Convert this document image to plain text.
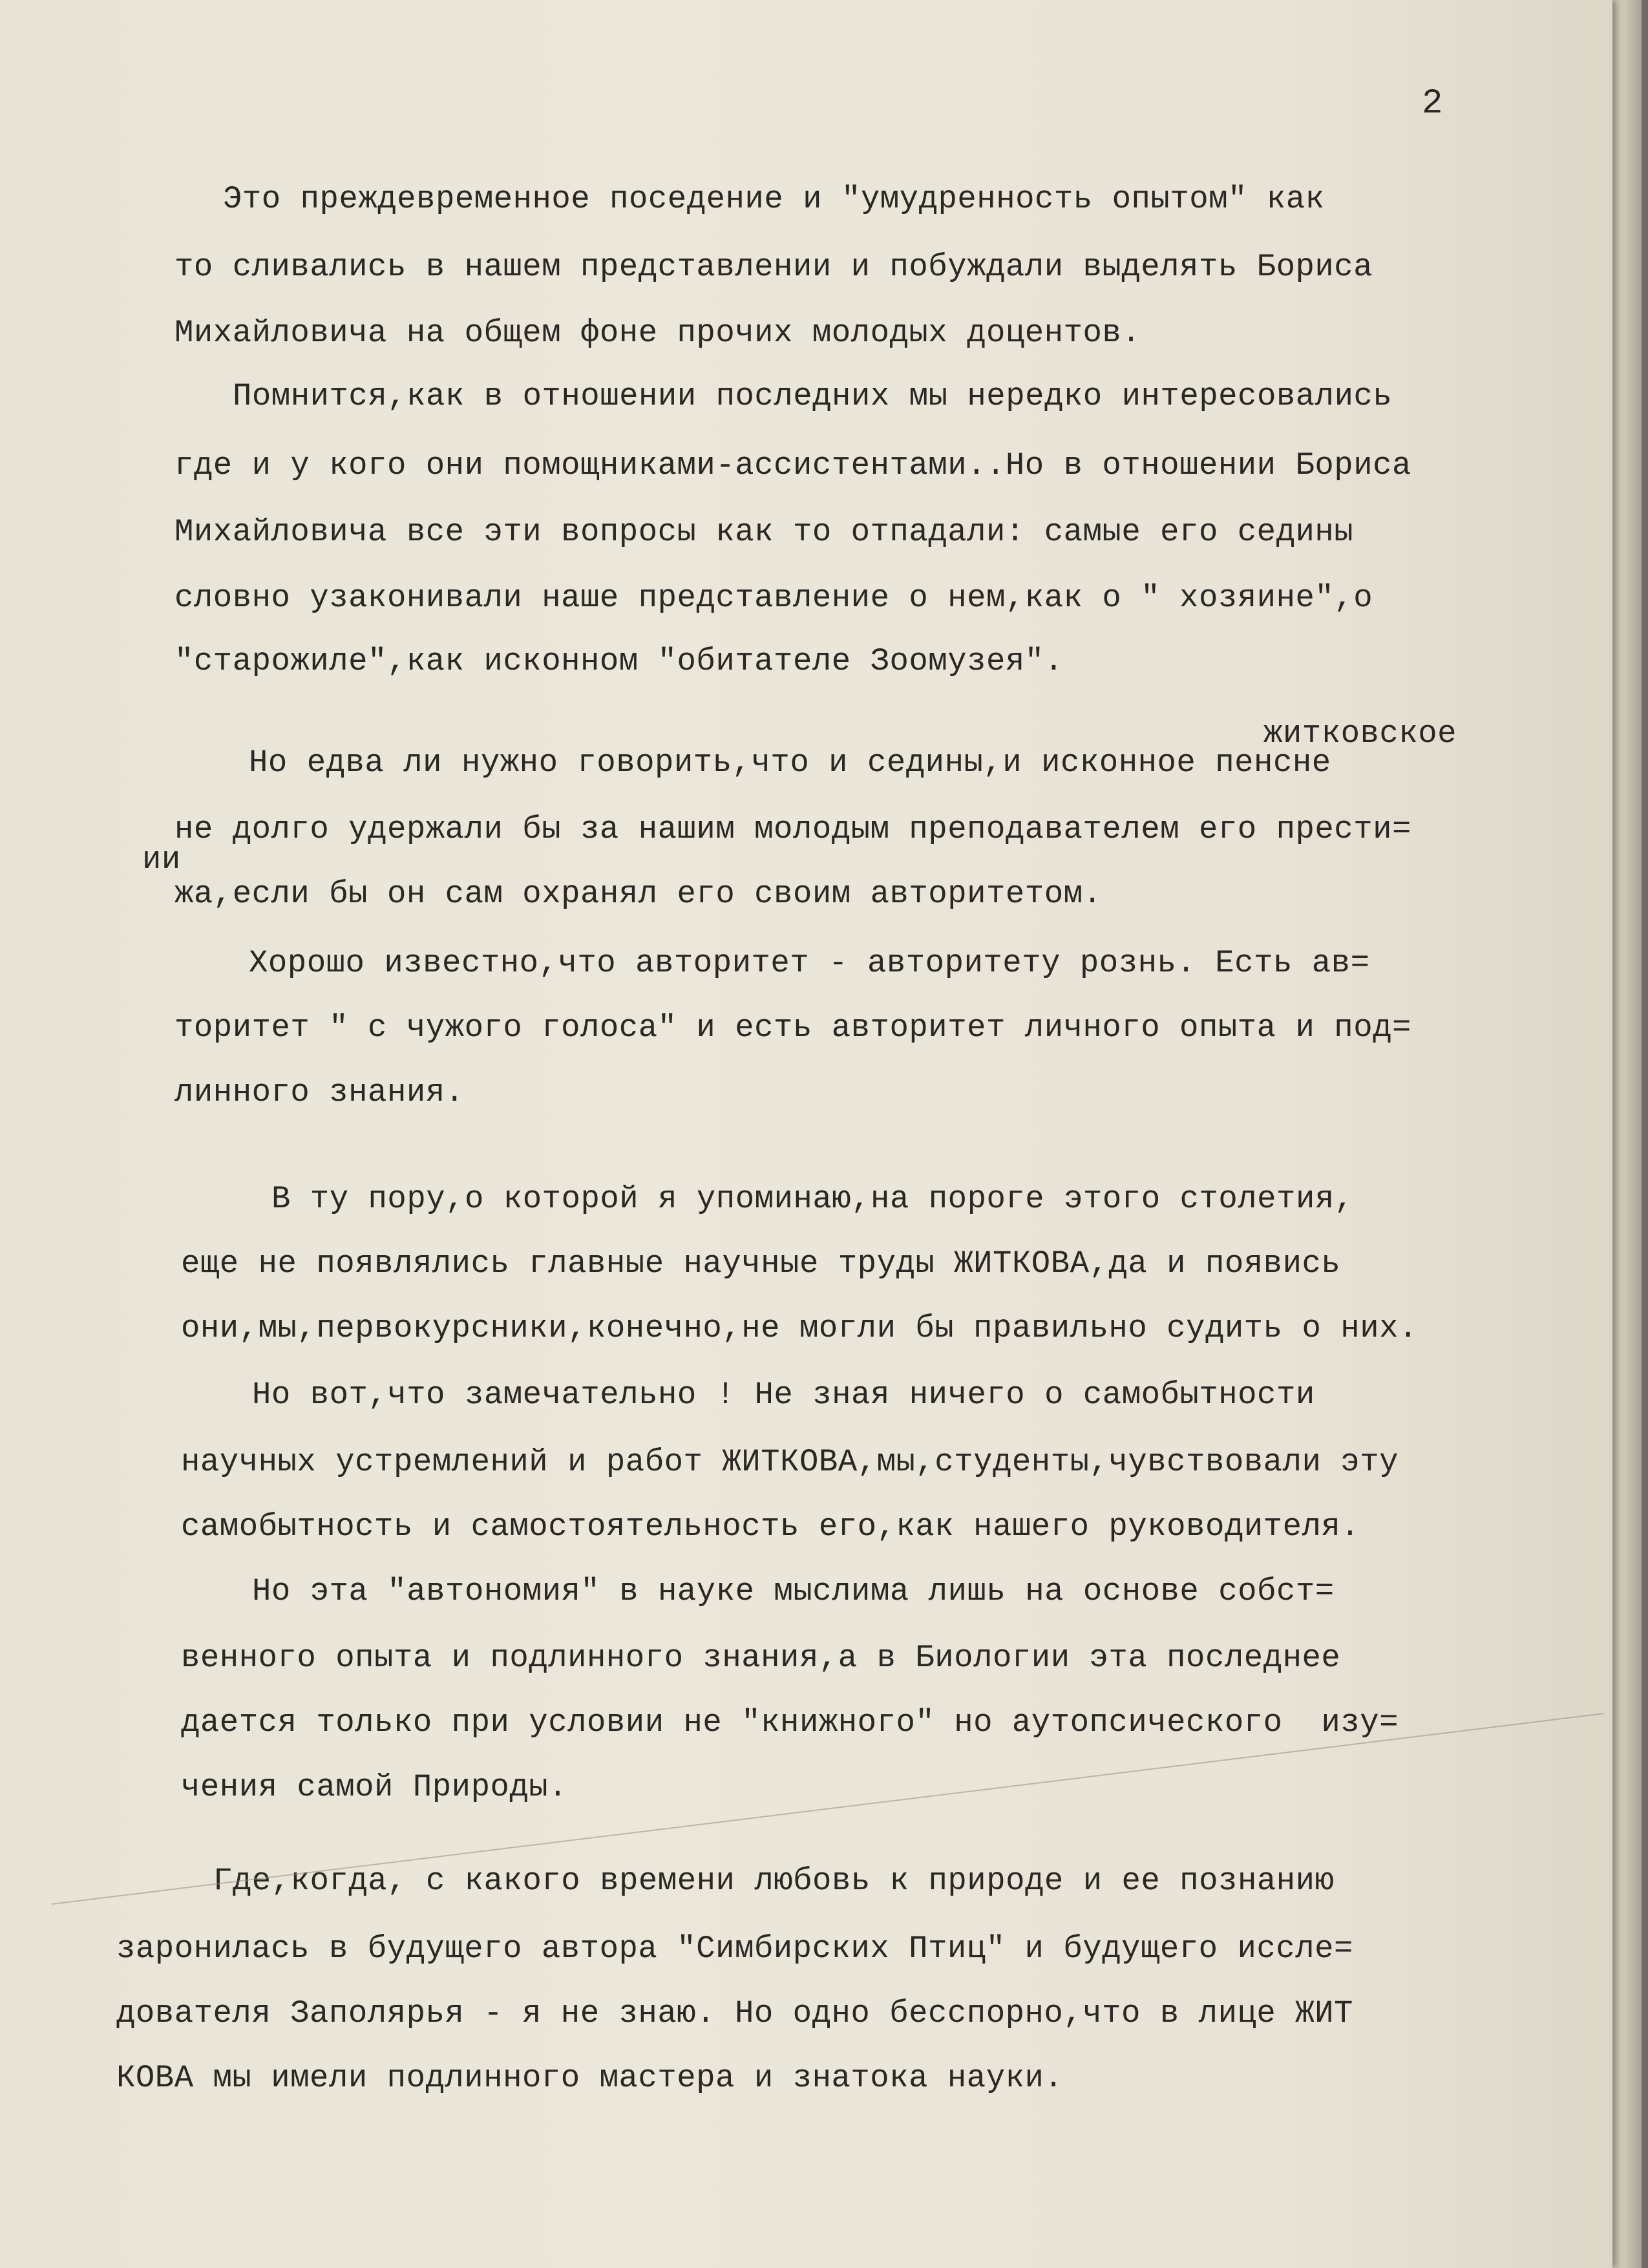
2
Это преждевременное поседение и "умудренность опытом" как
то сливались в нашем представлении и побуждали выделять Бориса
Михайловича на общем фоне прочих молодых доцентов.
Помнится,как в отношении последних мы нередко интересовались
где и у кого они помощниками-ассистентами..Но в отношении Бориса
Михайловича все эти вопросы как то отпадали: самые его седины
словно узаконивали наше представление о нем,как о " хозяине",о
"старожиле",как исконном "обитателе Зоомузея".
житковское
Но едва ли нужно говорить,что и седины,и исконное пенсне
не долго удержали бы за нашим молодым преподавателем его прести=
ии
жа,если бы он сам охранял его своим авторитетом.
Хорошо известно,что авторитет - авторитету рознь. Есть ав=
торитет " с чужого голоса" и есть авторитет личного опыта и под=
линного знания.
В ту пору,о которой я упоминаю,на пороге этого столетия,
еще не появлялись главные научные труды ЖИТКОВА,да и появись
они,мы,первокурсники,конечно,не могли бы правильно судить о них.
Но вот,что замечательно ! Не зная ничего о самобытности
научных устремлений и работ ЖИТКОВА,мы,студенты,чувствовали эту
самобытность и самостоятельность его,как нашего руководителя.
Но эта "автономия" в науке мыслима лишь на основе собст=
венного опыта и подлинного знания,а в Биологии эта последнее
дается только при условии не "книжного" но аутопсического  изу=
чения самой Природы.
Где,когда, с какого времени любовь к природе и ее познанию
заронилась в будущего автора "Симбирских Птиц" и будущего иссле=
дователя Заполярья - я не знаю. Но одно бесспорно,что в лице ЖИТ
КОВА мы имели подлинного мастера и знатока науки.
